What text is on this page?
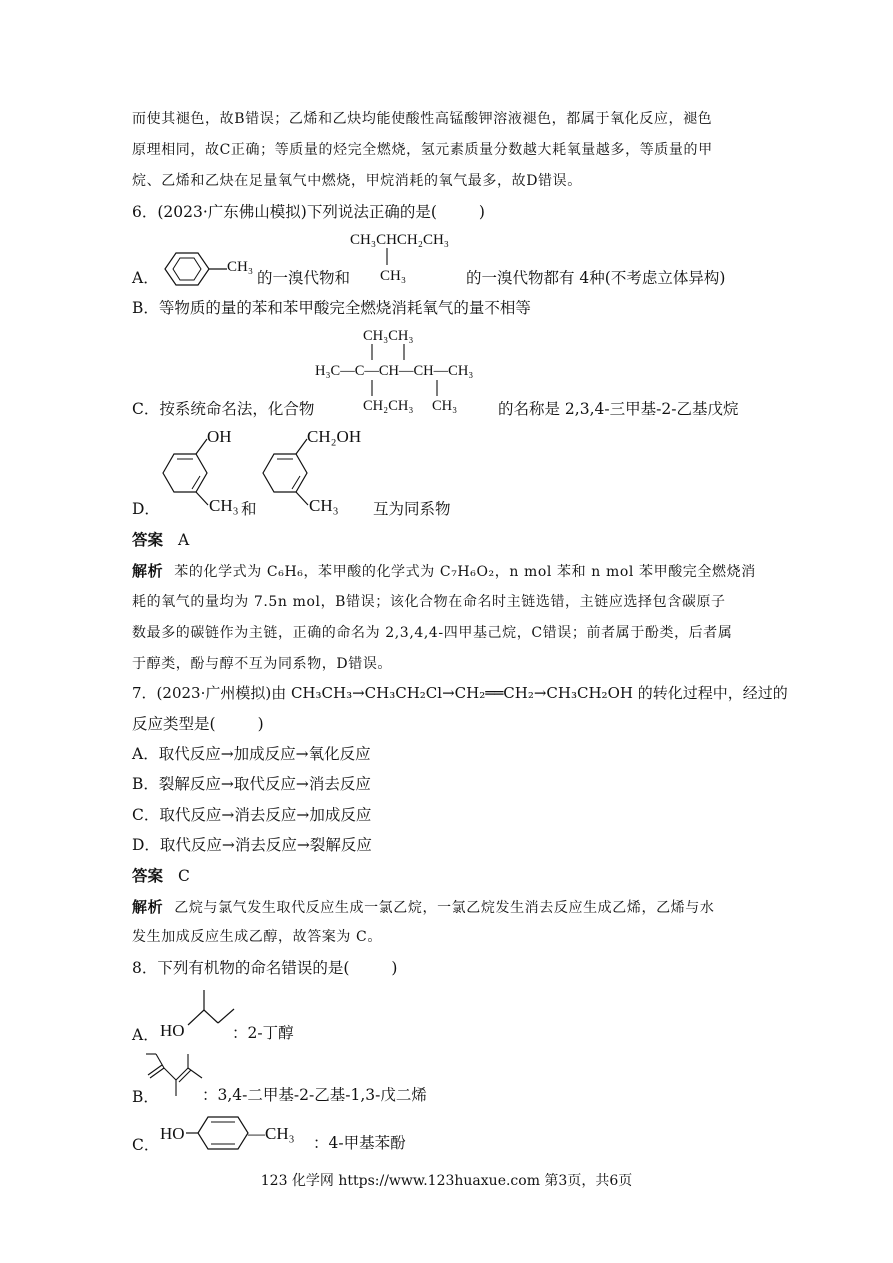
而使其褪色，故B错误；乙烯和乙炔均能使酸性高锰酸钾溶液褪色，都属于氧化反应，褪色
原理相同，故C正确；等质量的烃完全燃烧，氢元素质量分数越大耗氧量越多，等质量的甲
烷、乙烯和乙炔在足量氧气中燃烧，甲烷消耗的氧气最多，故D错误。
6．(2023·广东佛山模拟)下列说法正确的是(	)
A．
CH₃
的一溴代物和
CH₃CHCH₂CH₃
CH₃	的一溴代物都有 4种(不考虑立体异构)
B．等物质的量的苯和苯甲酸完全燃烧消耗氧气的量不相等
CH₃CH₃
H₃C—C—CH—CH—CH₃
CH₂CH₃ CH₃
C．按系统命名法，化合物	的名称是 2,3,4-三甲基-2-乙基戊烷
D．
OH
CH₃ 和
CH₂OH
CH₃ 互为同系物
答案 A
解析 苯的化学式为 C₆H₆，苯甲酸的化学式为 C₇H₆O₂，n mol 苯和 n mol 苯甲酸完全燃烧消
耗的氧气的量均为 7.5n mol，B错误；该化合物在命名时主链选错，主链应选择包含碳原子
数最多的碳链作为主链，正确的命名为 2,3,4,4-四甲基己烷，C错误；前者属于酚类，后者属
于醇类，酚与醇不互为同系物，D错误。
7．(2023·广州模拟)由 CH₃CH₃→CH₃CH₂Cl→CH₂══CH₂→CH₃CH₂OH 的转化过程中，经过的
反应类型是(	)
A．取代反应→加成反应→氧化反应
B．裂解反应→取代反应→消去反应
C．取代反应→消去反应→加成反应
D．取代反应→消去反应→裂解反应
答案 C
解析 乙烷与氯气发生取代反应生成一氯乙烷，一氯乙烷发生消去反应生成乙烯，乙烯与水
发生加成反应生成乙醇，故答案为 C。
8．下列有机物的命名错误的是(	)
A． HO	：2-丁醇
B．	：3,4-二甲基-2-乙基-1,3-戊二烯
C．
HO	—CH₃ ：4-甲基苯酚
123 化学网 https://www.123huaxue.com 第3页，共6页
